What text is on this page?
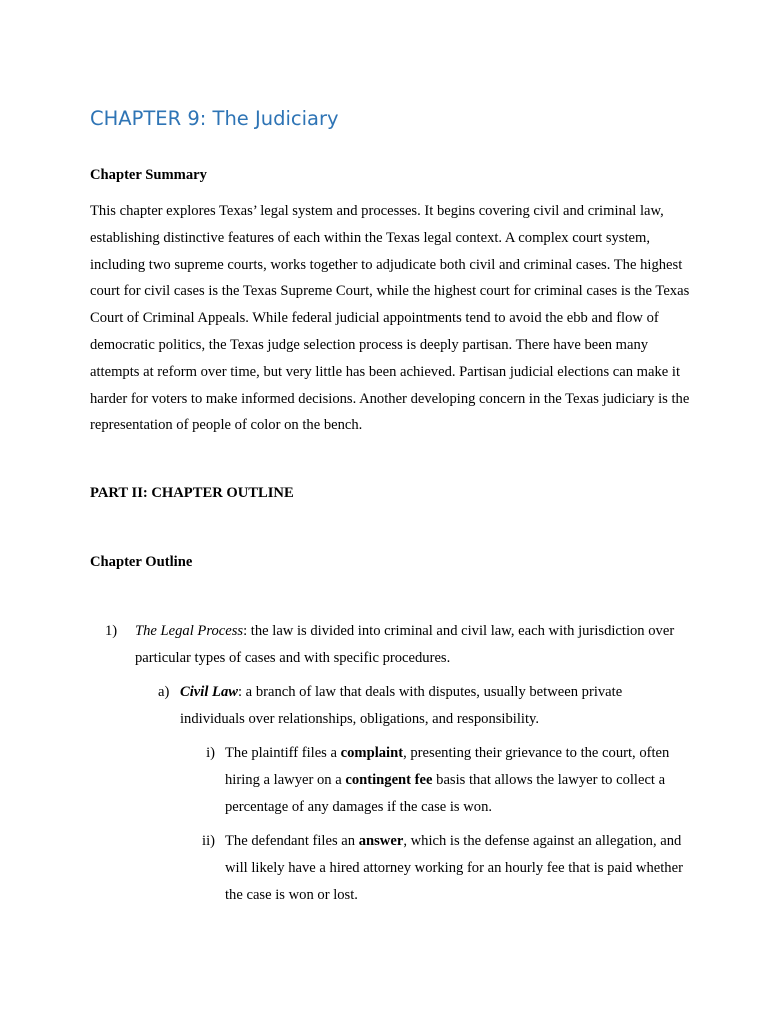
CHAPTER 9: The Judiciary
Chapter Summary

This chapter explores Texas’ legal system and processes. It begins covering civil and criminal law, establishing distinctive features of each within the Texas legal context. A complex court system, including two supreme courts, works together to adjudicate both civil and criminal cases. The highest court for civil cases is the Texas Supreme Court, while the highest court for criminal cases is the Texas Court of Criminal Appeals. While federal judicial appointments tend to avoid the ebb and flow of democratic politics, the Texas judge selection process is deeply partisan. There have been many attempts at reform over time, but very little has been achieved. Partisan judicial elections can make it harder for voters to make informed decisions. Another developing concern in the Texas judiciary is the representation of people of color on the bench.

PART II: CHAPTER OUTLINE
Chapter Outline
1)	The Legal Process: the law is divided into criminal and civil law, each with jurisdiction over particular types of cases and with specific procedures.
a) Civil Law: a branch of law that deals with disputes, usually between private individuals over relationships, obligations, and responsibility.
i) The plaintiff files a complaint, presenting their grievance to the court, often hiring a lawyer on a contingent fee basis that allows the lawyer to collect a percentage of any damages if the case is won.
ii) The defendant files an answer, which is the defense against an allegation, and will likely have a hired attorney working for an hourly fee that is paid whether the case is won or lost.
